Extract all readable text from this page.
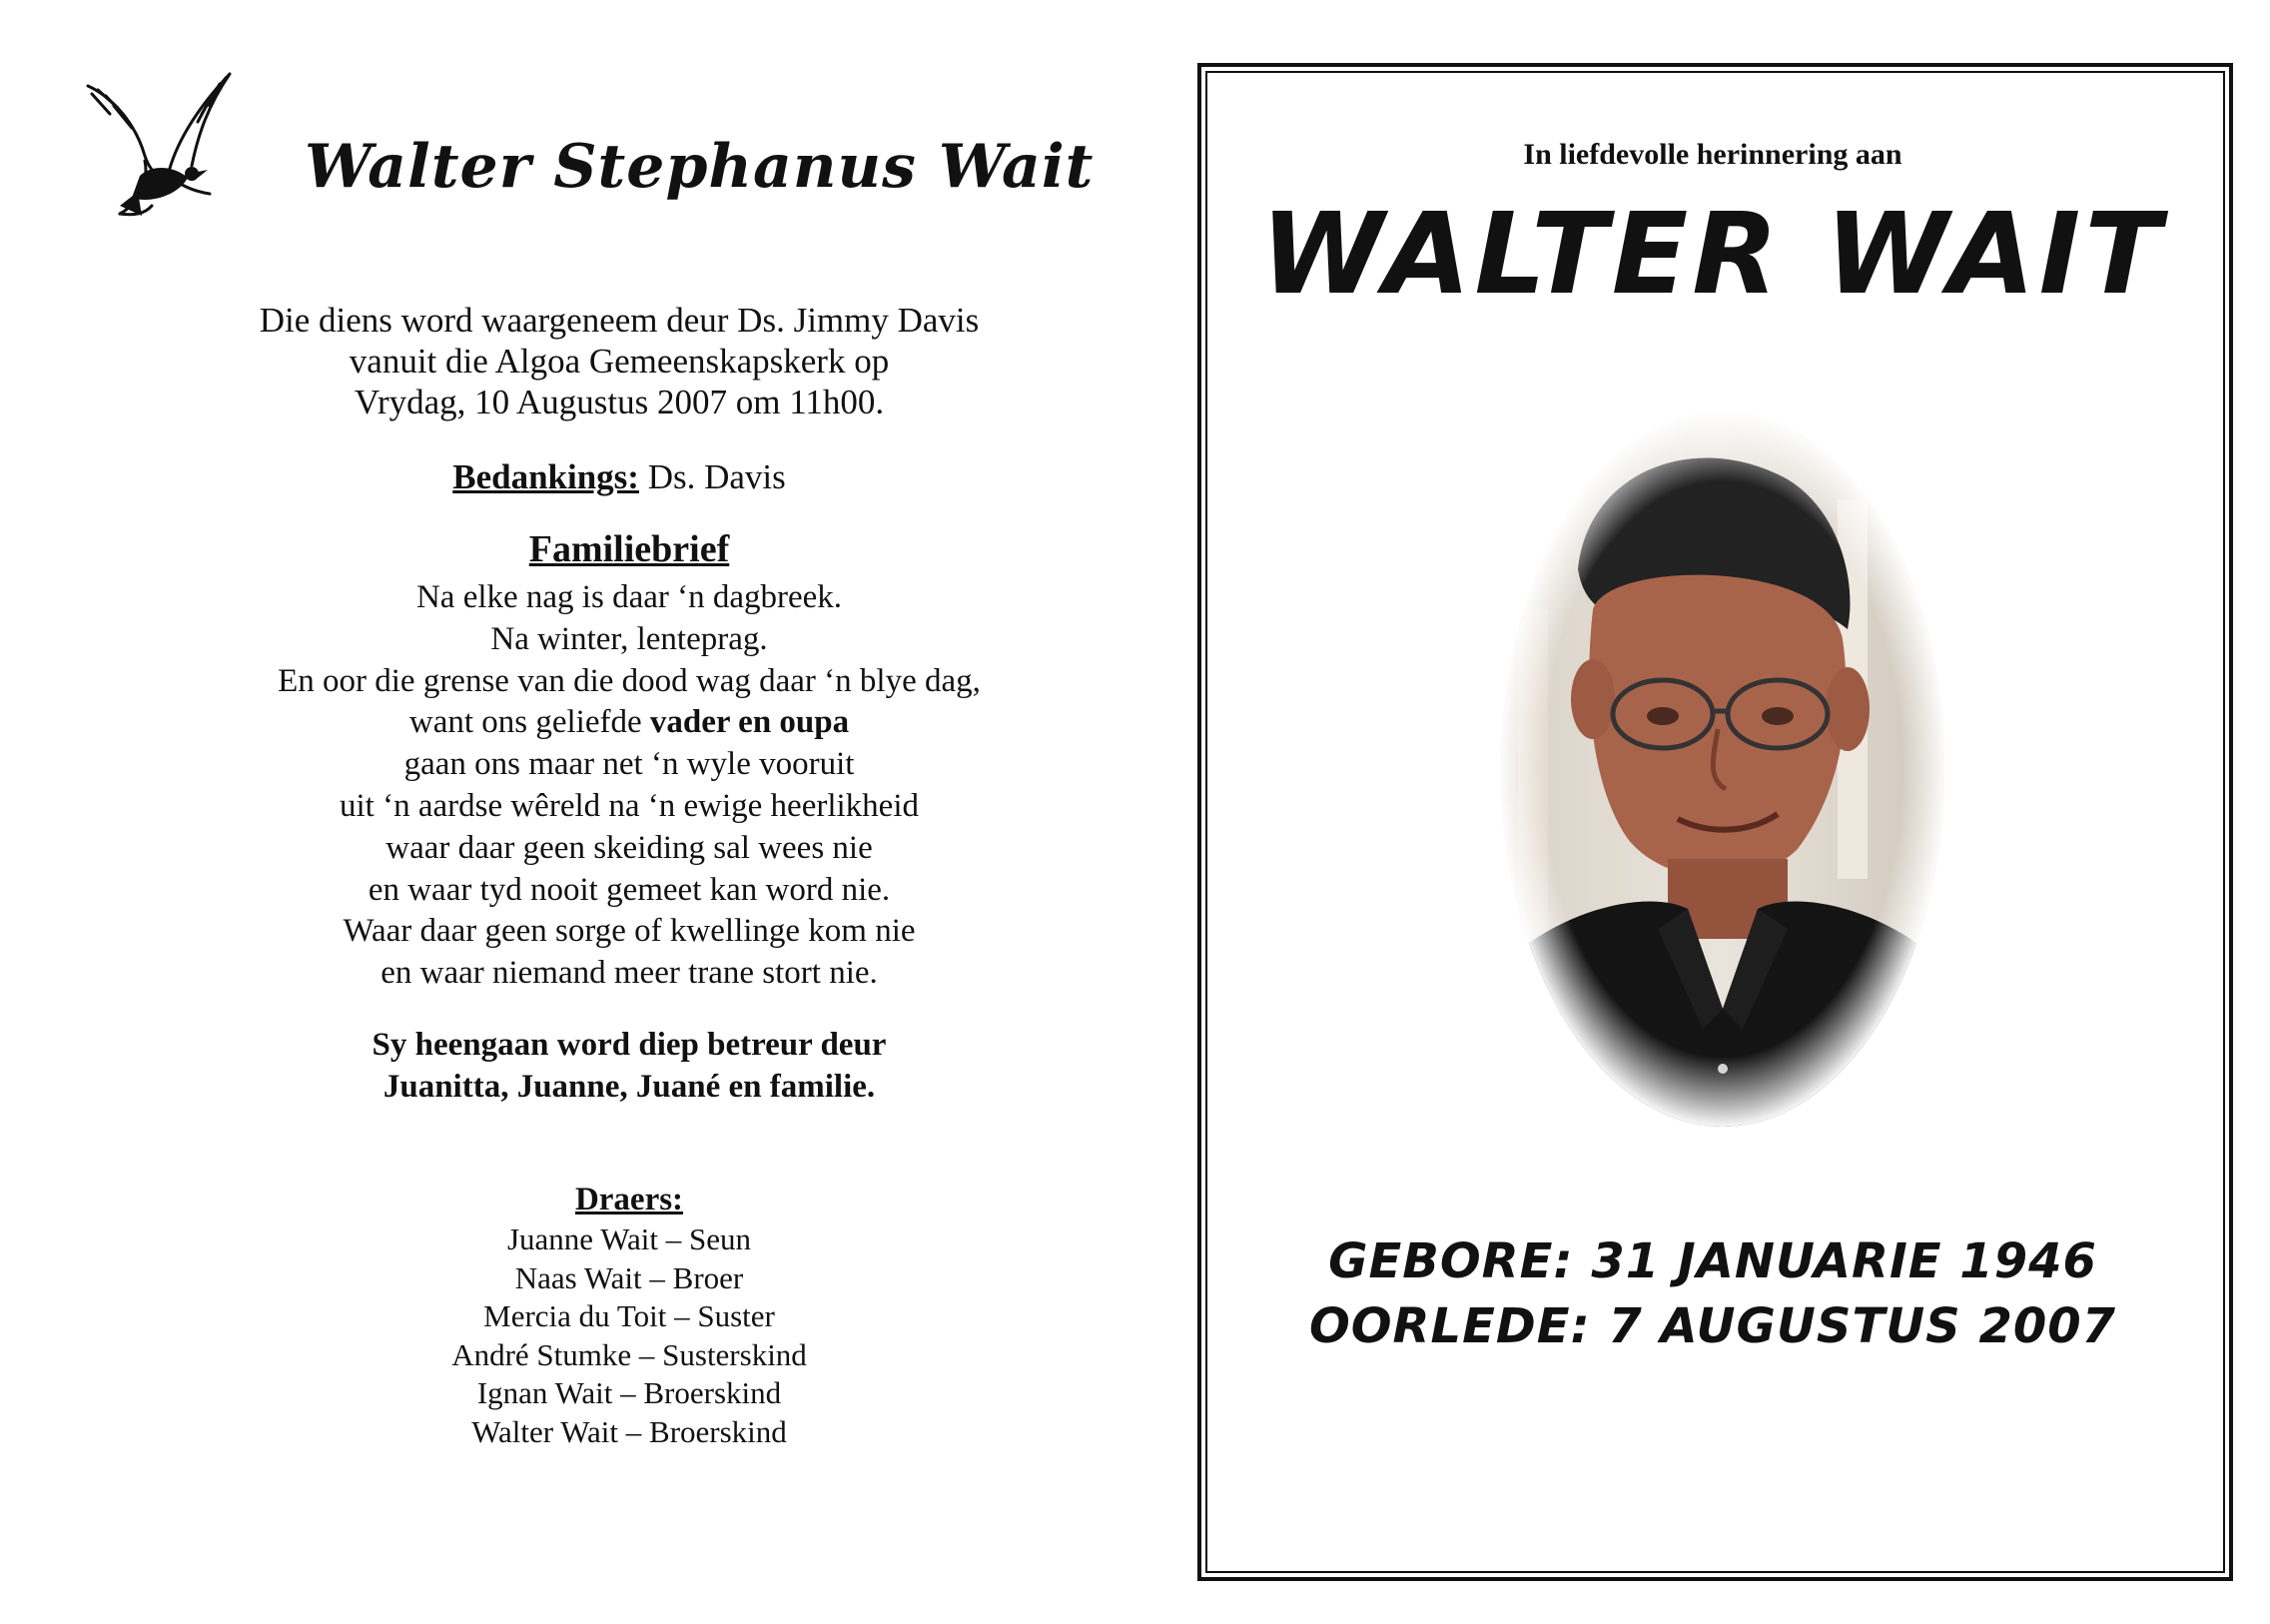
Walter Stephanus Wait
Die diens word waargeneem deur Ds. Jimmy Davis
vanuit die Algoa Gemeenskapskerk op
Vrydag, 10 Augustus 2007 om 11h00.
Bedankings: Ds. Davis
Familiebrief
Na elke nag is daar ‘n dagbreek.
Na winter, lenteprag.
En oor die grense van die dood wag daar ‘n blye dag,
want ons geliefde vader en oupa
gaan ons maar net ‘n wyle vooruit
uit ‘n aardse wêreld na ‘n ewige heerlikheid
waar daar geen skeiding sal wees nie
en waar tyd nooit gemeet kan word nie.
Waar daar geen sorge of kwellinge kom nie
en waar niemand meer trane stort nie.
Sy heengaan word diep betreur deur
Juanitta, Juanne, Juané en familie.
Draers:
Juanne Wait – Seun
Naas Wait – Broer
Mercia du Toit – Suster
André Stumke – Susterskind
Ignan Wait – Broerskind
Walter Wait – Broerskind
In liefdevolle herinnering aan
WALTER WAIT
GEBORE: 31 JANUARIE 1946
OORLEDE: 7 AUGUSTUS 2007
